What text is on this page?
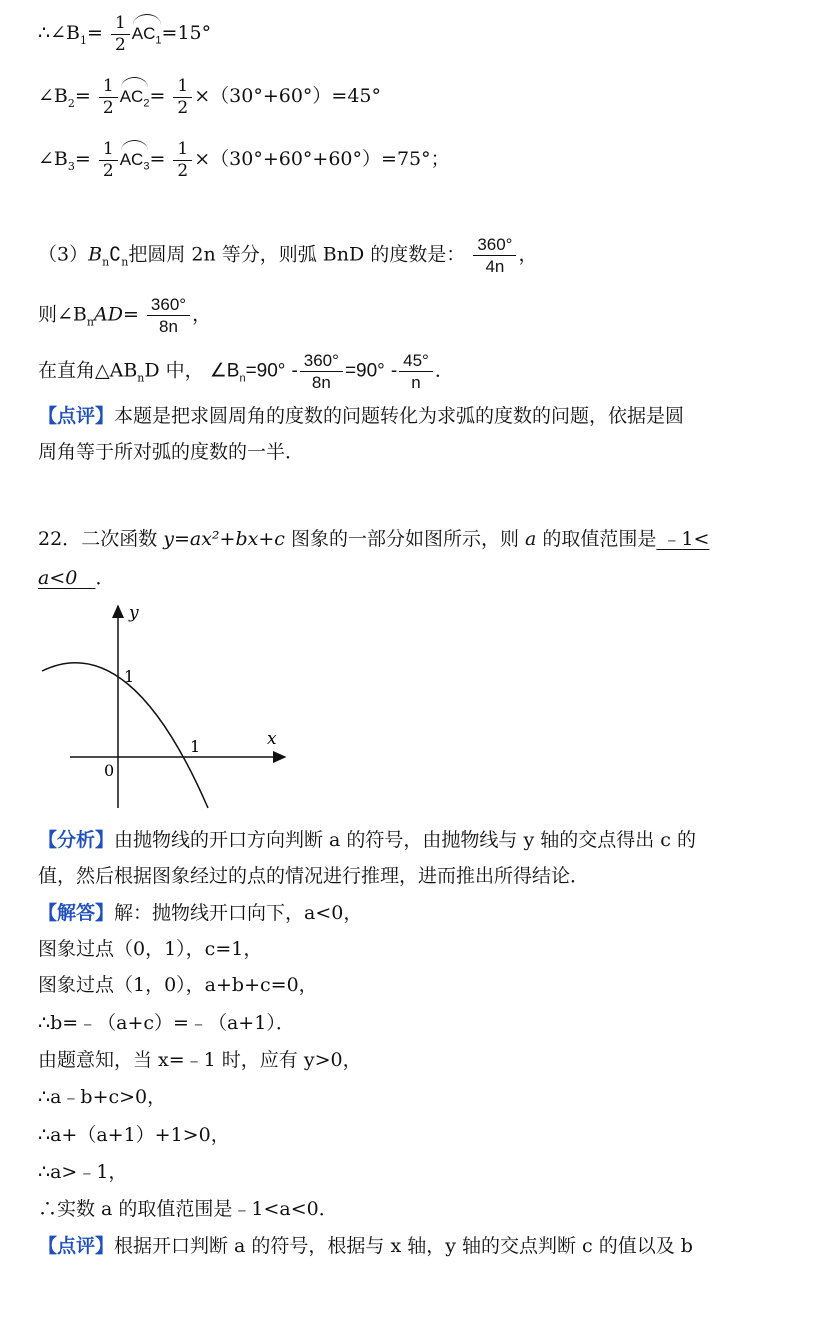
$\therefore\angle B_1= \frac{1}{2} AC_1=15^\circ$
$\angle B_2= \frac{1}{2} AC_2= \frac{1}{2} \times(30^\circ+60^\circ)=45^\circ$
$\angle B_3= \frac{1}{2} AC_3= \frac{1}{2} \times(30^\circ+60^\circ+60^\circ)=75^\circ$；
$(3)B_n∁_n$把圆周 2n 等分，则弧 BnD 的度数是： $\frac{360^\circ}{4n}$ ，
则$\angle B_nAD= \frac{360^\circ}{8n}$ ，
在直角$\triangle AB_nD$ 中， $\angle B_n=90^\circ - \frac{360^\circ}{8n} =90^\circ - \frac{45^\circ}{n}$ ．
【点评】本题是把求圆周角的度数的问题转化为求弧的度数的问题，依据是圆
周角等于所对弧的度数的一半．
22．二次函数 y=ax²+bx+c 图象的一部分如图所示，则 a 的取值范围是 ﹣1<
a<0 ．
y
x
0
1
1
【分析】由抛物线的开口方向判断 a 的符号，由抛物线与 y 轴的交点得出 c 的
值，然后根据图象经过的点的情况进行推理，进而推出所得结论．
【解答】解：抛物线开口向下，a<0，
图象过点（0，1），c=1，
图象过点（1，0），a+b+c=0，
∴b=﹣（a+c）=﹣（a+1）．
由题意知，当 x=﹣1 时，应有 y>0，
∴a﹣b+c>0，
∴a+（a+1）+1>0，
∴a>﹣1，
∴实数 a 的取值范围是﹣1<a<0．
【点评】根据开口判断 a 的符号，根据与 x 轴，y 轴的交点判断 c 的值以及 b
